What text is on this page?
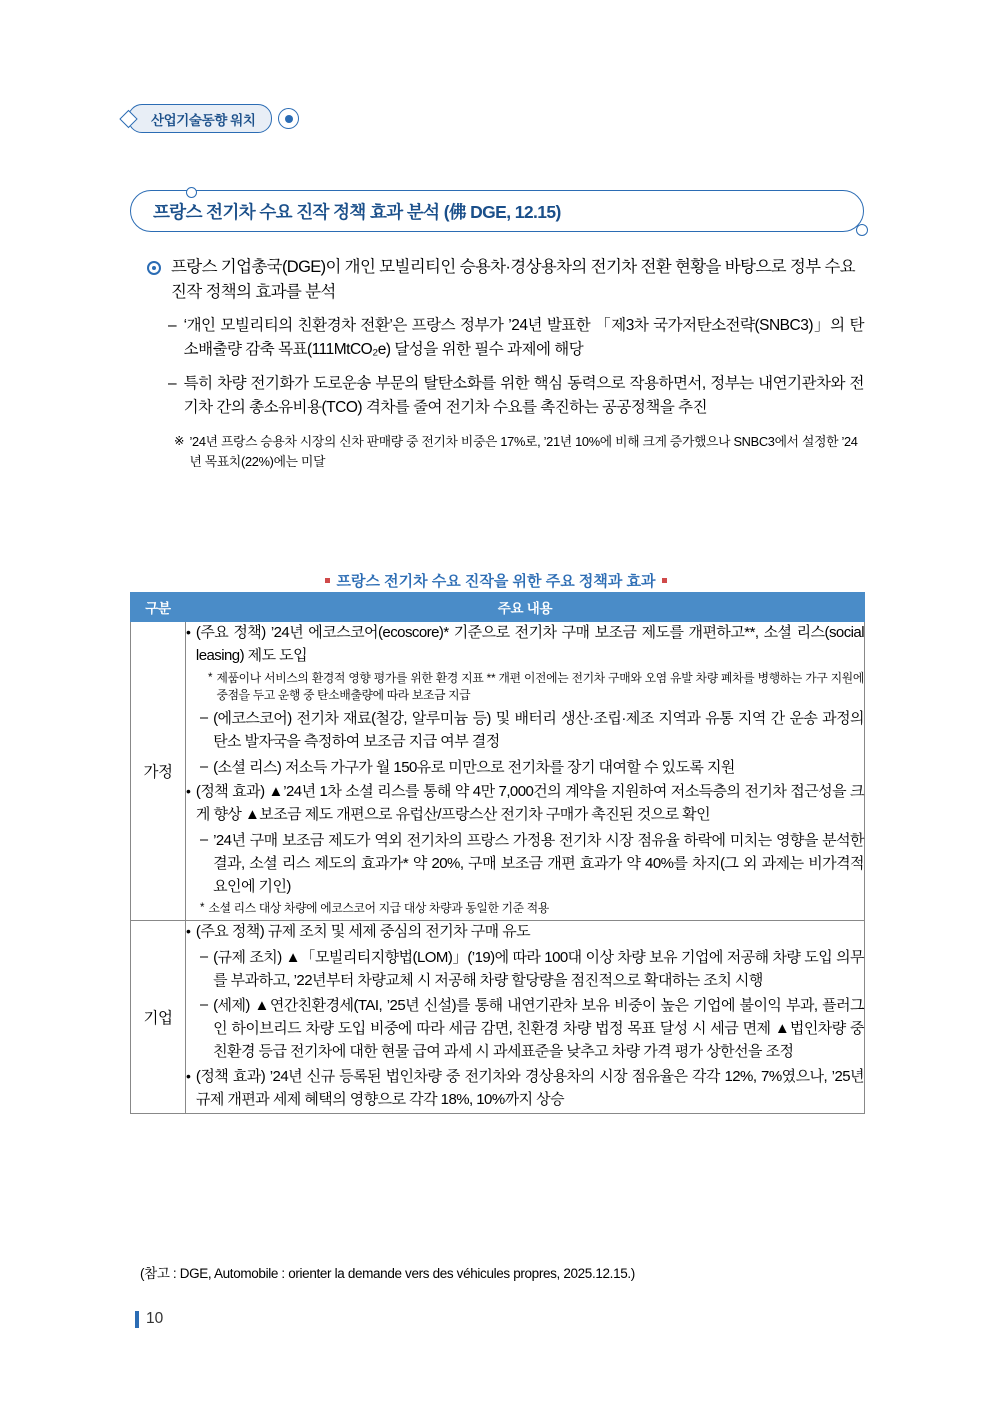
산업기술동향 워치
프랑스 전기차 수요 진작 정책 효과 분석 (佛 DGE, 12.15)
프랑스 기업총국(DGE)이 개인 모빌리티인 승용차·경상용차의 전기차 전환 현황을 바탕으로 정부 수요 진작 정책의 효과를 분석
– ‘개인 모빌리티의 친환경차 전환’은 프랑스 정부가 ’24년 발표한 「제3차 국가저탄소전략(SNBC3)」의 탄소배출량 감축 목표(111MtCO₂e) 달성을 위한 필수 과제에 해당
– 특히 차량 전기화가 도로운송 부문의 탈탄소화를 위한 핵심 동력으로 작용하면서, 정부는 내연기관차와 전기차 간의 총소유비용(TCO) 격차를 줄여 전기차 수요를 촉진하는 공공정책을 추진
※ ’24년 프랑스 승용차 시장의 신차 판매량 중 전기차 비중은 17%로, ’21년 10%에 비해 크게 증가했으나 SNBC3에서 설정한 ’24년 목표치(22%)에는 미달
프랑스 전기차 수요 진작을 위한 주요 정책과 효과
구분	주요 내용
가정	
• (주요 정책) ’24년 에코스코어(ecoscore)* 기준으로 전기차 구매 보조금 제도를 개편하고**, 소셜 리스(social leasing) 제도 도입
* 제품이나 서비스의 환경적 영향 평가를 위한 환경 지표 ** 개편 이전에는 전기차 구매와 오염 유발 차량 폐차를 병행하는 가구 지원에 중점을 두고 운행 중 탄소배출량에 따라 보조금 지급
– (에코스코어) 전기차 재료(철강, 알루미늄 등) 및 배터리 생산·조립·제조 지역과 유통 지역 간 운송 과정의 탄소 발자국을 측정하여 보조금 지급 여부 결정
– (소셜 리스) 저소득 가구가 월 150유로 미만으로 전기차를 장기 대여할 수 있도록 지원
• (정책 효과) ▲’24년 1차 소셜 리스를 통해 약 4만 7,000건의 계약을 지원하여 저소득층의 전기차 접근성을 크게 향상 ▲보조금 제도 개편으로 유럽산/프랑스산 전기차 구매가 촉진된 것으로 확인
– ’24년 구매 보조금 제도가 역외 전기차의 프랑스 가정용 전기차 시장 점유율 하락에 미치는 영향을 분석한 결과, 소셜 리스 제도의 효과가* 약 20%, 구매 보조금 개편 효과가 약 40%를 차지(그 외 과제는 비가격적 요인에 기인)
* 소셜 리스 대상 차량에 에코스코어 지급 대상 차량과 동일한 기준 적용

기업	
• (주요 정책) 규제 조치 및 세제 중심의 전기차 구매 유도
– (규제 조치) ▲「모빌리티지향법(LOM)」(’19)에 따라 100대 이상 차량 보유 기업에 저공해 차량 도입 의무를 부과하고, ’22년부터 차량교체 시 저공해 차량 할당량을 점진적으로 확대하는 조치 시행
– (세제) ▲연간친환경세(TAI, ’25년 신설)를 통해 내연기관차 보유 비중이 높은 기업에 불이익 부과, 플러그인 하이브리드 차량 도입 비중에 따라 세금 감면, 친환경 차량 법정 목표 달성 시 세금 면제 ▲법인차량 중 친환경 등급 전기차에 대한 현물 급여 과세 시 과세표준을 낮추고 차량 가격 평가 상한선을 조정
• (정책 효과) ’24년 신규 등록된 법인차량 중 전기차와 경상용차의 시장 점유율은 각각 12%, 7%였으나, ’25년 규제 개편과 세제 혜택의 영향으로 각각 18%, 10%까지 상승
(참고 : DGE, Automobile : orienter la demande vers des véhicules propres, 2025.12.15.)
10
